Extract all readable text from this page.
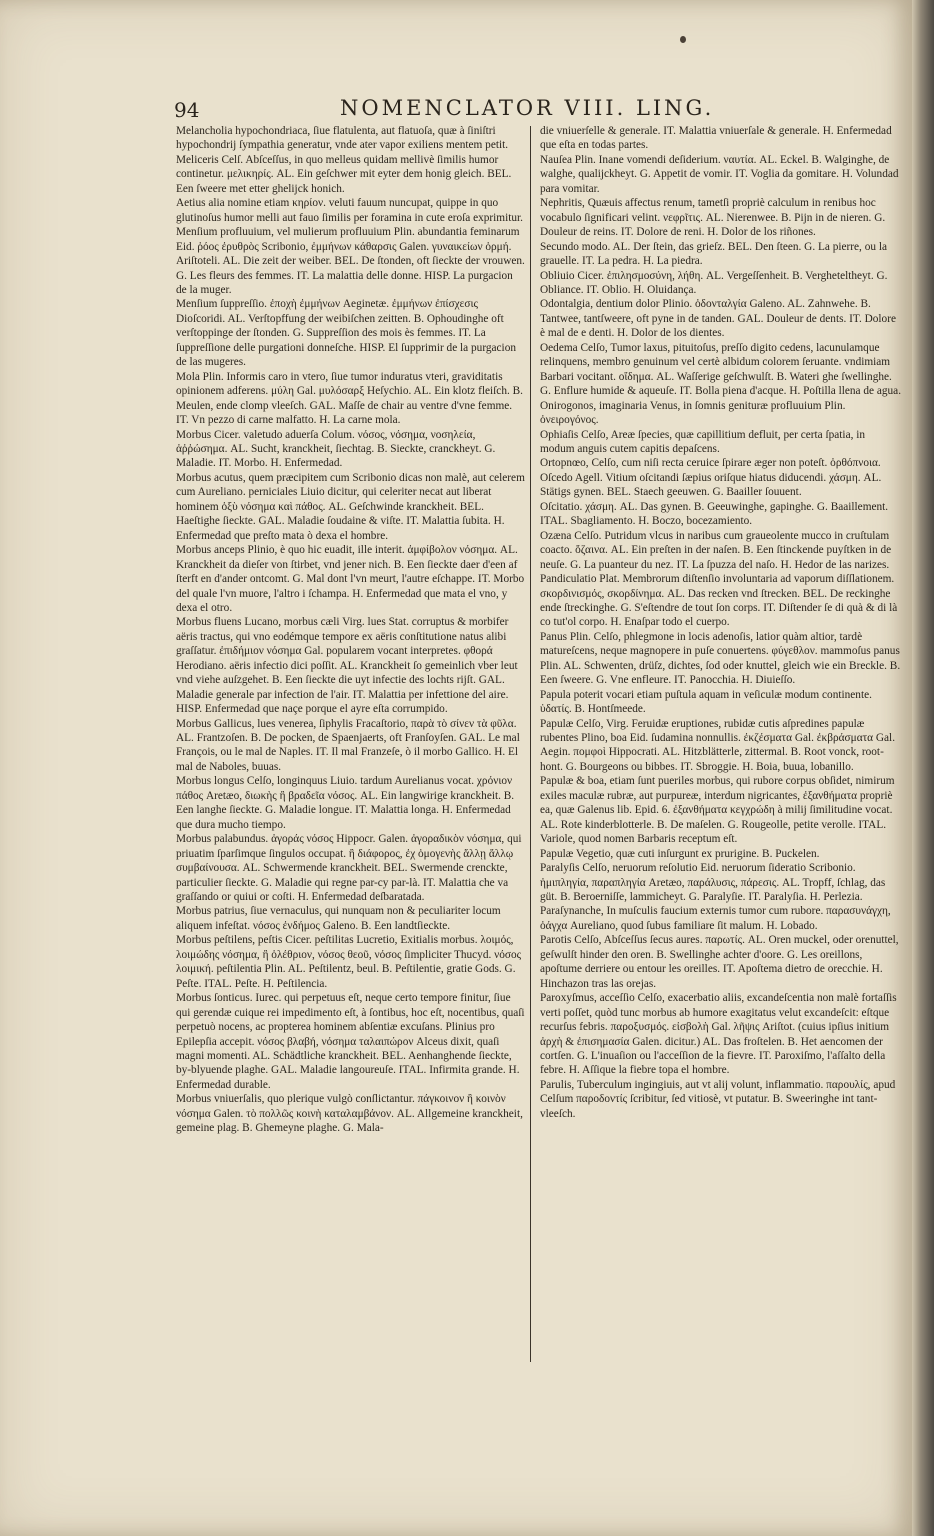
94	NOMENCLATOR VIII. LING.

Melancholia hypochondriaca, ſiue flatulenta, aut flatuoſa, quæ à ſiniſtri hypochondrij ſympathia generatur, vnde ater vapor exiliens mentem petit.

Meliceris Celſ. Abſceſſus, in quo melleus quidam mellivè ſimilis humor continetur. μελικηρίς. AL. Ein geſchwer mit eyter dem honig gleich. BEL. Een ſweere met etter ghelijck honich.

Aetius alia nomine etiam κηρίον. veluti fauum nuncupat, quippe in quo glutinoſus humor melli aut fauo ſimilis per foramina in cute eroſa exprimitur.

Menſium profluuium, vel mulierum profluuium Plin. abundantia feminarum Eid. ῥόος ἐρυθρὸς Scribonio, ἐμμήνων κάθαρσις Galen. γυναικείων ὁρμή. Ariſtoteli. AL. Die zeit der weiber. BEL. De ſtonden, oft ſieckte der vrouwen. G. Les fleurs des femmes. IT. La malattia delle donne. HISP. La purgacion de la muger.

Menſium ſuppreſſio. ἐποχὴ ἐμμήνων Aeginetæ. ἐμμήνων ἐπίσχεσις Dioſcoridi. AL. Verſtopffung der weibiſchen zeitten. B. Ophoudinghe oft verſtoppinge der ſtonden. G. Suppreſſion des mois ès femmes. IT. La ſuppreſſione delle purgationi donneſche. HISP. El ſupprimir de la purgacion de las mugeres.

Mola Plin. Informis caro in vtero, ſiue tumor induratus vteri, graviditatis opinionem adferens. μύλη Gal. μυλόσαρξ Heſychio. AL. Ein klotz fleiſch. B. Meulen, ende clomp vleeſch. GAL. Maſſe de chair au ventre d'vne femme. IT. Vn pezzo di carne malfatto. H. La carne mola.

Morbus Cicer. valetudo aduerſa Colum. νόσος, νόσημα, νοσηλεία, ἀῤῥώσημα. AL. Sucht, kranckheit, ſiechtag. B. Sieckte, cranckheyt. G. Maladie. IT. Morbo. H. Enfermedad.

Morbus acutus, quem præcipitem cum Scribonio dicas non malè, aut celerem cum Aureliano. perniciales Liuio dicitur, qui celeriter necat aut liberat hominem ὀξὺ νόσημα καὶ πάθος. AL. Geſchwinde kranckheit. BEL. Haeſtighe ſieckte. GAL. Maladie ſoudaine & viſte. IT. Malattia ſubita. H. Enfermedad que preſto mata ò dexa el hombre.

Morbus anceps Plinio, è quo hic euadit, ille interit. ἀμφίβολον νόσημα. AL. Kranckheit da dieſer von ſtirbet, vnd jener nich. B. Een ſieckte daer d'een af ſterft en d'ander ontcomt. G. Mal dont l'vn meurt, l'autre eſchappe. IT. Morbo del quale l'vn muore, l'altro i ſchampa. H. Enfermedad que mata el vno, y dexa el otro.

Morbus fluens Lucano, morbus cæli Virg. lues Stat. corruptus & morbifer aëris tractus, qui vno eodémque tempore ex aëris conſtitutione natus alibi graſſatur. ἐπιδήμιον νόσημα Gal. popularem vocant interpretes. φθορά Herodiano. aëris infectio dici poſſit. AL. Kranckheit ſo gemeinlich vber leut vnd viehe auſzgehet. B. Een ſieckte die uyt infectie des lochts rijſt. GAL. Maladie generale par infection de l'air. IT. Malattia per infettione del aire. HISP. Enfermedad que naçe porque el ayre eſta corrumpido.

Morbus Gallicus, lues venerea, ſiphylis Fracaſtorio, παρὰ τὸ σίνεν τὰ φῦλα. AL. Frantzoſen. B. De pocken, de Spaenjaerts, oft Franſoyſen. GAL. Le mal François, ou le mal de Naples. IT. Il mal Franzeſe, ò il morbo Gallico. H. El mal de Naboles, buuas.

Morbus longus Celſo, longinquus Liuio. tardum Aurelianus vocat. χρόνιον πάθος Aretæo, διωκὴς ἢ βραδεῖα νόσος. AL. Ein langwirige kranckheit. B. Een langhe ſieckte. G. Maladie longue. IT. Malattia longa. H. Enfermedad que dura mucho tiempo.

Morbus palabundus. ἀγοράς νόσος Hippocr. Galen. ἀγοραδικὸν νόσημα, qui priuatim ſparſimque ſingulos occupat. ἢ διάφορος, ἐχ ὁμογενὴς ἄλλῃ ἄλλῳ συμβαίνουσα. AL. Schwermende kranckheit. BEL. Swermende crenckte, particulier ſieckte. G. Maladie qui regne par-cy par-là. IT. Malattia che va graſſando or quiui or coſti. H. Enfermedad deſbaratada.

Morbus patrius, ſiue vernaculus, qui nunquam non & peculiariter locum aliquem infeſtat. νόσος ἐνδήμος Galeno. B. Een landtſieckte.

Morbus peſtilens, peſtis Cicer. peſtilitas Lucretio, Exitialis morbus. λοιμός, λοιμώδης νόσημα, ἢ ὀλέθριον, νόσος θεοῦ, νόσος ſimpliciter Thucyd. νόσος λοιμική. peſtilentia Plin. AL. Peſtilentz, beul. B. Peſtilentie, gratie Gods. G. Peſte. ITAL. Peſte. H. Peſtilencia.

Morbus ſonticus. Iurec. qui perpetuus eſt, neque certo tempore finitur, ſiue qui gerendæ cuique rei impedimento eſt, à ſontibus, hoc eſt, nocentibus, quaſi perpetuò nocens, ac propterea hominem abſentiæ excuſans. Plinius pro Epilepſia accepit. νόσος βλαβή, νόσημα ταλαιπώρον Alceus dixit, quaſi magni momenti. AL. Schädtliche kranckheit. BEL. Aenhanghende ſieckte, by-blyuende plaghe. GAL. Maladie langoureuſe. ITAL. Infirmita grande. H. Enfermedad durable.

Morbus vniuerſalis, quo plerique vulgò conſlictantur. πάγκοινον ἢ κοινὸν νόσημα Galen. τὸ πολλῶς κοινὴ καταλαμβάνον. AL. Allgemeine kranckheit, gemeine plag. B. Ghemeyne plaghe. G. Mala-

die vniuerſelle & generale. IT. Malattia vniuerſale & generale. H. Enfermedad que eſta en todas partes.

Nauſea Plin. Inane vomendi deſiderium. ναυτία. AL. Eckel. B. Walginghe, de walghe, qualijckheyt. G. Appetit de vomir. IT. Voglia da gomitare. H. Volundad para vomitar.

Nephritis, Quæuis affectus renum, tametſi propriè calculum in renibus hoc vocabulo ſignificari velint. νεφρῖτις. AL. Nierenwee. B. Pijn in de nieren. G. Douleur de reins. IT. Dolore de reni. H. Dolor de los riñones.

Secundo modo. AL. Der ſtein, das grieſz. BEL. Den ſteen. G. La pierre, ou la grauelle. IT. La pedra. H. La piedra.

Obliuio Cicer. ἐπιλησμοσύνη, λήθη. AL. Vergeſſenheit. B. Vergheteltheyt. G. Obliance. IT. Oblio. H. Oluidança.

Odontalgia, dentium dolor Plinio. ὀδονταλγία Galeno. AL. Zahnwehe. B. Tantwee, tantſweere, oft pyne in de tanden. GAL. Douleur de dents. IT. Dolore è mal de e denti. H. Dolor de los dientes.

Oedema Celſo, Tumor laxus, pituitoſus, preſſo digito cedens, lacunulamque relinquens, membro genuinum vel certè albidum colorem ſeruante. vndimiam Barbari vocitant. οἴδημα. AL. Waſſerige geſchwulſt. B. Wateri ghe ſwellinghe. G. Enflure humide & aqueuſe. IT. Bolla piena d'acque. H. Poſtilla llena de agua.

Onirogonos, imaginaria Venus, in ſomnis genituræ profluuium Plin. ὀνειρογόνος.

Ophiaſis Celſo, Areæ ſpecies, quæ capillitium defluit, per certa ſpatia, in modum anguis cutem capitis depaſcens.

Ortopnœo, Celſo, cum niſi recta ceruice ſpirare æger non poteſt. ὀρθόπνοια.

Oſcedo Agell. Vitium oſcitandi ſæpius oriſque hiatus diducendi. χάσμη. AL. Stätigs gynen. BEL. Staech geeuwen. G. Baailler ſouuent.

Oſcitatio. χάσμη. AL. Das gynen. B. Geeuwinghe, gapinghe. G. Baaillement. ITAL. Sbagliamento. H. Boczo, bocezamiento.

Ozæna Celſo. Putridum vlcus in naribus cum graueolente mucco in cruſtulam coacto. ὄζαινα. AL. Ein preſten in der naſen. B. Een ſtinckende puyſtken in de neuſe. G. La puanteur du nez. IT. La ſpuzza del naſo. H. Hedor de las narizes.

Pandiculatio Plat. Membrorum diſtenſio involuntaria ad vaporum diſſlationem. σκορδινισμός, σκορδίνημα. AL. Das recken vnd ſtrecken. BEL. De reckinghe ende ſtreckinghe. G. S'eſtendre de tout ſon corps. IT. Diſtender ſe di quà & di là co tut'ol corpo. H. Enaſpar todo el cuerpo.

Panus Plin. Celſo, phlegmone in locis adenoſis, latior quàm altior, tardè matureſcens, neque magnopere in puſe conuertens. φύγεθλον. mammoſus panus Plin. AL. Schwenten, drüſz, dichtes, ſod oder knuttel, gleich wie ein Breckle. B. Een ſweere. G. Vne enfleure. IT. Panocchia. H. Diuieſſo.

Papula poterit vocari etiam puſtula aquam in veſiculæ modum continente. ὑδατίς. B. Hontſmeede.

Papulæ Celſo, Virg. Feruidæ eruptiones, rubidæ cutis aſpredines papulæ rubentes Plino, boa Eid. ſudamina nonnullis. ἐκζέσματα Gal. ἐκβράσματα Gal. Aegin. πομφοὶ Hippocrati. AL. Hitzblätterle, zittermal. B. Root vonck, root-hont. G. Bourgeons ou bibbes. IT. Sbroggie. H. Boia, buua, lobanillo.

Papulæ & boa, etiam ſunt pueriles morbus, qui rubore corpus obſidet, nimirum exiles maculæ rubræ, aut purpureæ, interdum nigricantes, ἐξανθήματα propriè ea, quæ Galenus lib. Epid. 6. ἐξανθήματα κεγχρώδη à milij ſimilitudine vocat. AL. Rote kinderblotterle. B. De maſelen. G. Rougeolle, petite verolle. ITAL. Variole, quod nomen Barbaris receptum eſt.

Papulæ Vegetio, quæ cuti inſurgunt ex prurigine. B. Puckelen.

Paralyſis Celſo, neruorum reſolutio Eid. neruorum ſideratio Scribonio. ἡμιπληγία, παραπληγία Aretæo, παράλυσις, πάρεσις. AL. Tropff, ſchlag, das güt. B. Beroerniſſe, lammicheyt. G. Paralyſie. IT. Paralyſia. H. Perlezia.

Paraſynanche, In muſculis faucium externis tumor cum rubore. παρασυνάγχη, ὀάγχα Aureliano, quod ſubus familiare ſit malum. H. Lobado.

Parotis Celſo, Abſceſſus ſecus aures. παρωτίς. AL. Oren muckel, oder orenuttel, geſwulſt hinder den oren. B. Swellinghe achter d'oore. G. Les oreillons, apoſtume derriere ou entour les oreilles. IT. Apoſtema dietro de orecchie. H. Hinchazon tras las orejas.

Paroxyſmus, acceſſio Celſo, exacerbatio aliis, excandeſcentia non malè fortaſſis verti poſſet, quòd tunc morbus ab humore exagitatus velut excandeſcit: eſtque recurſus febris. παροξυσμός. εἰσβολὴ Gal. λῆψις Ariſtot. (cuius ipſius initium ἀρχὴ & ἐπισημασία Galen. dicitur.) AL. Das froſtelen. B. Het aencomen der cortſen. G. L'inuaſion ou l'acceſſion de la fievre. IT. Paroxiſmo, l'aſſalto della febre. H. Aſſique la fiebre topa el hombre.

Parulis, Tuberculum ingingiuis, aut vt alij volunt, inflammatio. παρουλίς, apud Celſum παροδοντίς ſcribitur, ſed vitiosè, vt putatur. B. Sweeringhe int tant-vleeſch.
